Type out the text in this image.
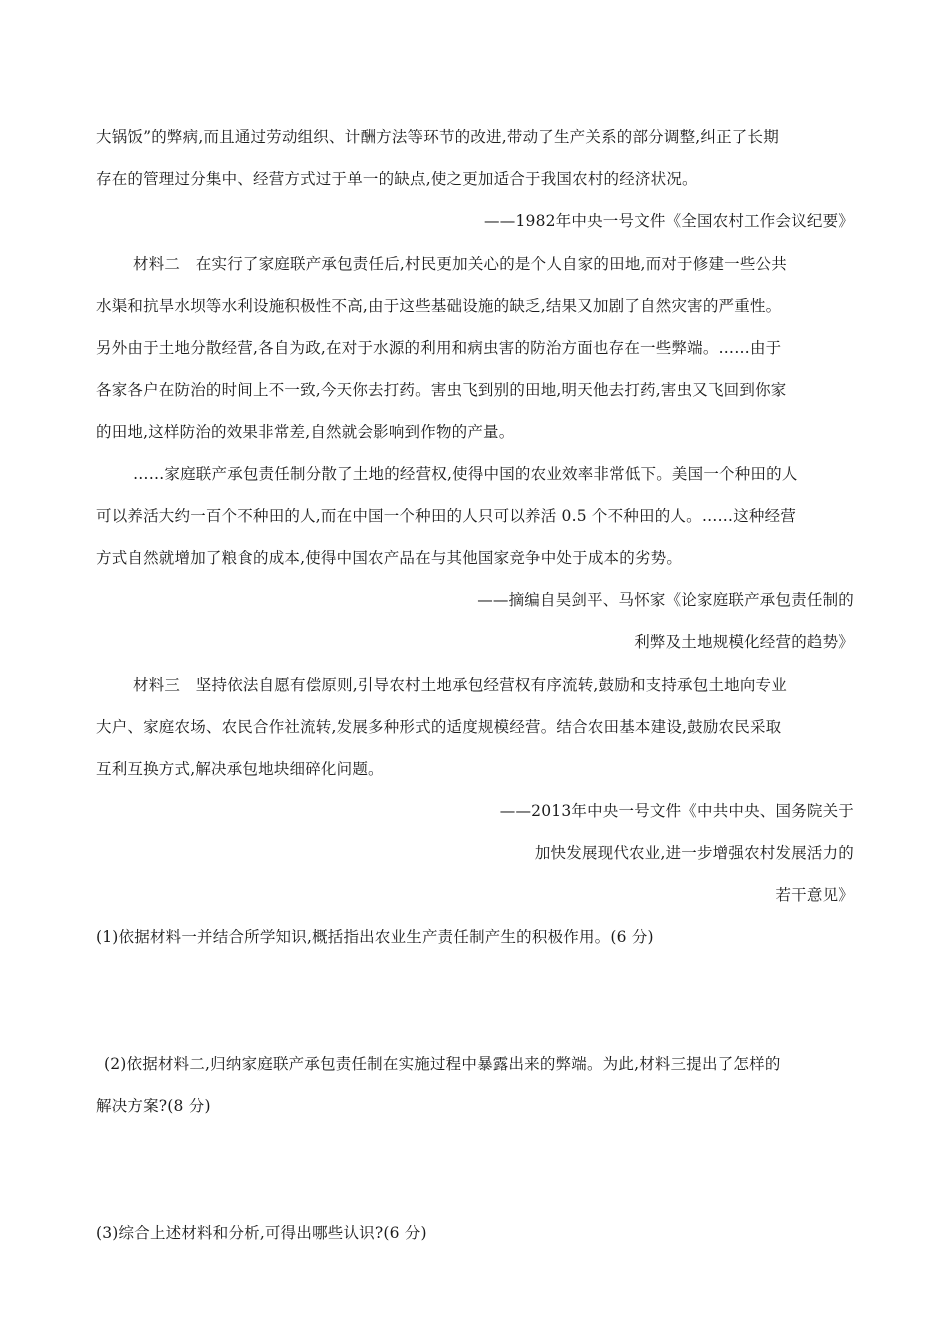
大锅饭”的弊病,而且通过劳动组织、计酬方法等环节的改进,带动了生产关系的部分调整,纠正了长期
存在的管理过分集中、经营方式过于单一的缺点,使之更加适合于我国农村的经济状况。
——1982年中央一号文件《全国农村工作会议纪要》
材料二　在实行了家庭联产承包责任后,村民更加关心的是个人自家的田地,而对于修建一些公共
水渠和抗旱水坝等水利设施积极性不高,由于这些基础设施的缺乏,结果又加剧了自然灾害的严重性。
另外由于土地分散经营,各自为政,在对于水源的利用和病虫害的防治方面也存在一些弊端。……由于
各家各户在防治的时间上不一致,今天你去打药。害虫飞到别的田地,明天他去打药,害虫又飞回到你家
的田地,这样防治的效果非常差,自然就会影响到作物的产量。
……家庭联产承包责任制分散了土地的经营权,使得中国的农业效率非常低下。美国一个种田的人
可以养活大约一百个不种田的人,而在中国一个种田的人只可以养活 0.5 个不种田的人。……这种经营
方式自然就增加了粮食的成本,使得中国农产品在与其他国家竞争中处于成本的劣势。
——摘编自吴剑平、马怀家《论家庭联产承包责任制的
利弊及土地规模化经营的趋势》
材料三　坚持依法自愿有偿原则,引导农村土地承包经营权有序流转,鼓励和支持承包土地向专业
大户、家庭农场、农民合作社流转,发展多种形式的适度规模经营。结合农田基本建设,鼓励农民采取
互利互换方式,解决承包地块细碎化问题。
——2013年中央一号文件《中共中央、国务院关于
加快发展现代农业,进一步增强农村发展活力的
若干意见》
(1)依据材料一并结合所学知识,概括指出农业生产责任制产生的积极作用。(6 分)
(2)依据材料二,归纳家庭联产承包责任制在实施过程中暴露出来的弊端。为此,材料三提出了怎样的
解决方案?(8 分)
(3)综合上述材料和分析,可得出哪些认识?(6 分)
